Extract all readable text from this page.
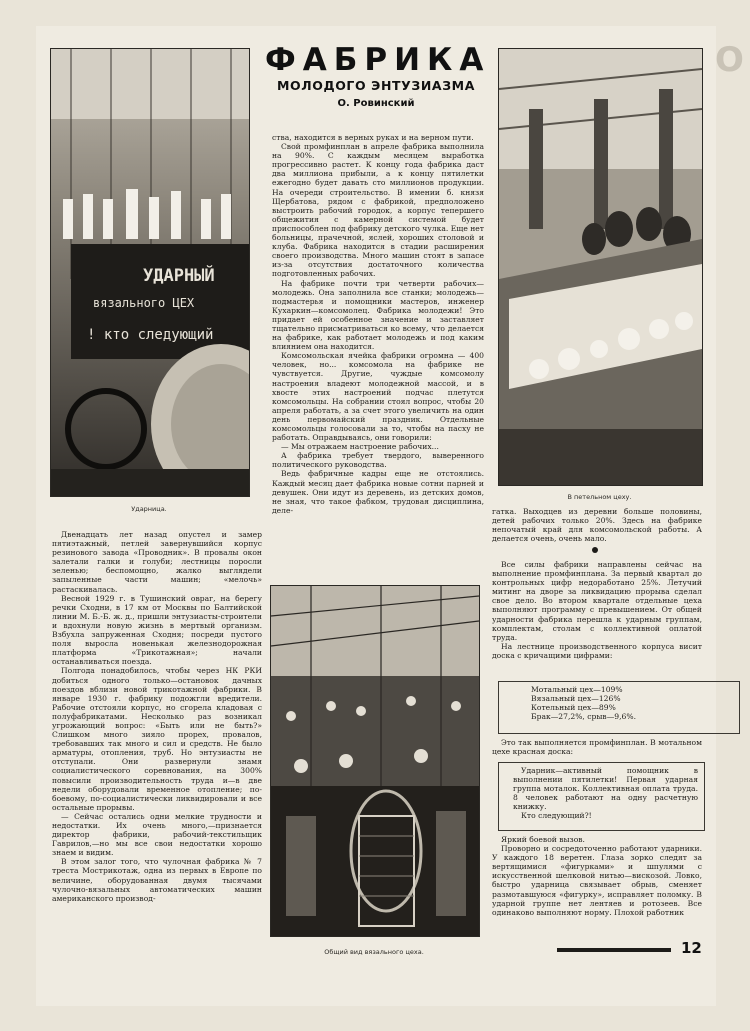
О
УДАРНЫЙ
вязального ЦЕХ
! кто следующий
Ударница.
ФАБРИКА
МОЛОДОГО ЭНТУЗИАЗМА
О. Ровинский
В петельном цеху.
Общий вид вязального цеха.

ства, находится в верных руках и на верном пути.

Свой промфинплан в апреле фабрика выполнила на 90%. С каждым месяцем выработка прогрессивно растет. К концу года фабрика даст два миллиона прибыли, а к концу пятилетки ежегодно будет давать сто миллионов продукции. На очереди строительство. В имении б. князя Щербатова, рядом с фабрикой, предположено выстроить рабочий городок, а корпус тепершего общежития с камерной системой будет приспособлен под фабрику детского чулка. Еще нет больницы, прачечной, яслей, хороших столовой и клуба. Фабрика находится в стадии расширения своего производства. Много машин стоят в запасе из-за отсутствия достаточного количества подготовленных рабочих.

На фабрике почти три четверти рабочих—молодежь. Она заполнила все станки; молодежь—подмастерья и помощники мастеров, инженер Кухаркин—комсомолец. Фабрика молодежи! Это придает ей особенное значение и заставляет тщательно присматриваться ко всему, что делается на фабрике, как работает молодежь и под каким влиянием она находится.

Комсомольская ячейка фабрики огромна — 400 человек, но... комсомола на фабрике не чувствуется. Другие, чуждые комсомолу настроения владеют молодежной массой, и в хвосте этих настроений подчас плетутся комсомольцы. На собрании стоял вопрос, чтобы 20 апреля работать, а за счет этого увеличить на один день первомайский праздник. Отдельные комсомольцы голосовали за то, чтобы на пасху не работать. Оправдываясь, они говорили:

— Мы отражаем настроение рабочих...

А фабрика требует твердого, выверенного политического руководства.

Ведь фабричные кадры еще не отстоялись. Каждый месяц дает фабрика новые сотни парней и девушек. Они идут из деревень, из детских домов, не зная, что такое фабком, трудовая дисциплина, деле-

Двенадцать лет назад опустел и замер пятиэтажный, петлей завернувшийся корпус резинового завода «Проводник». В провалы окон залетали галки и голуби; лестницы поросли зеленью; беспомощно, жалко выглядели запыленные части машин; «мелочь» растаскивалась.

Весной 1929 г. в Тушинский овраг, на берегу речки Сходни, в 17 км от Москвы по Балтийской линии М. Б.-Б. ж. д., пришли энтузиасты-строители и вдохнули новую жизнь в мертвый организм. Взбухла запруженная Сходня; посреди пустого поля выросла новенькая железнодорожная платформа «Трикотажная»; начали останавливаться поезда.

Полгода понадобилось, чтобы через НК РКИ добиться одного только—остановок дачных поездов вблизи новой трикотажной фабрики. В январе 1930 г. фабрику подожгли вредители. Рабочие отстояли корпус, но сгорела кладовая с полуфабрикатами. Несколько раз возникал угрожающий вопрос: «Быть или не быть?» Слишком много зияло прорех, провалов, требовавших так много и сил и средств. Не было арматуры, отопления, труб. Но энтузиасты не отступали. Они развернули знамя социалистического соревнования, на 300% повысили производительность труда и—в две недели оборудовали временное отопление; по-боевому, по-социалистически ликвидировали и все остальные прорывы.

— Сейчас остались одни мелкие трудности и недостатки. Их очень много,—признается директор фабрики, рабочий-текстильщик Гаврилов,—но мы все свои недостатки хорошо знаем и видим.

В этом залог того, что чулочная фабрика № 7 треста Мострикотаж, одна из первых в Европе по величине, оборудованная двумя тысячами чулочно-вязальных автоматических машин американского производ-

гатка. Выходцев из деревни больше половины, детей рабочих только 20%. Здесь на фабрике непочатый край для комсомольской работы. А делается очень, очень мало.

Все силы фабрики направлены сейчас на выполнение промфинплана. За первый квартал до контрольных цифр недоработано 25%. Летучий митинг на дворе за ликвидацию прорыва сделал свое дело. Во втором квартале отдельные цеха выполняют программу с превышением. От общей ударности фабрика перешла к ударным группам, комплектам, столам с коллективной оплатой труда.

На лестнице производственного корпуса висит доска с кричащими цифрами:

Мотальный цех—109%

Вязальный цех—126%

Котельный цех—89%

Брак—27,2%, срыв—9,6%.

Это так выполняется промфинплан. В мотальном цехе красная доска:

Ударник—активный помощник в выполнении пятилетки! Первая ударная группа моталок. Коллективная оплата труда. 8 человек работают на одну расчетную книжку.

Кто следующий?!

Яркий боевой вызов.

Проворно и сосредоточенно работают ударники. У каждого 18 веретен. Глаза зорко следят за вертящимися «фигурками» и шпулями с искусственной шелковой нитью—вискозой. Ловко, быстро ударница связывает обрыв, сменяет размотавшуюся «фигурку», исправляет поломку. В ударной группе нет лентяев и ротозеев. Все одинаково выполняют норму. Плохой работник

12
